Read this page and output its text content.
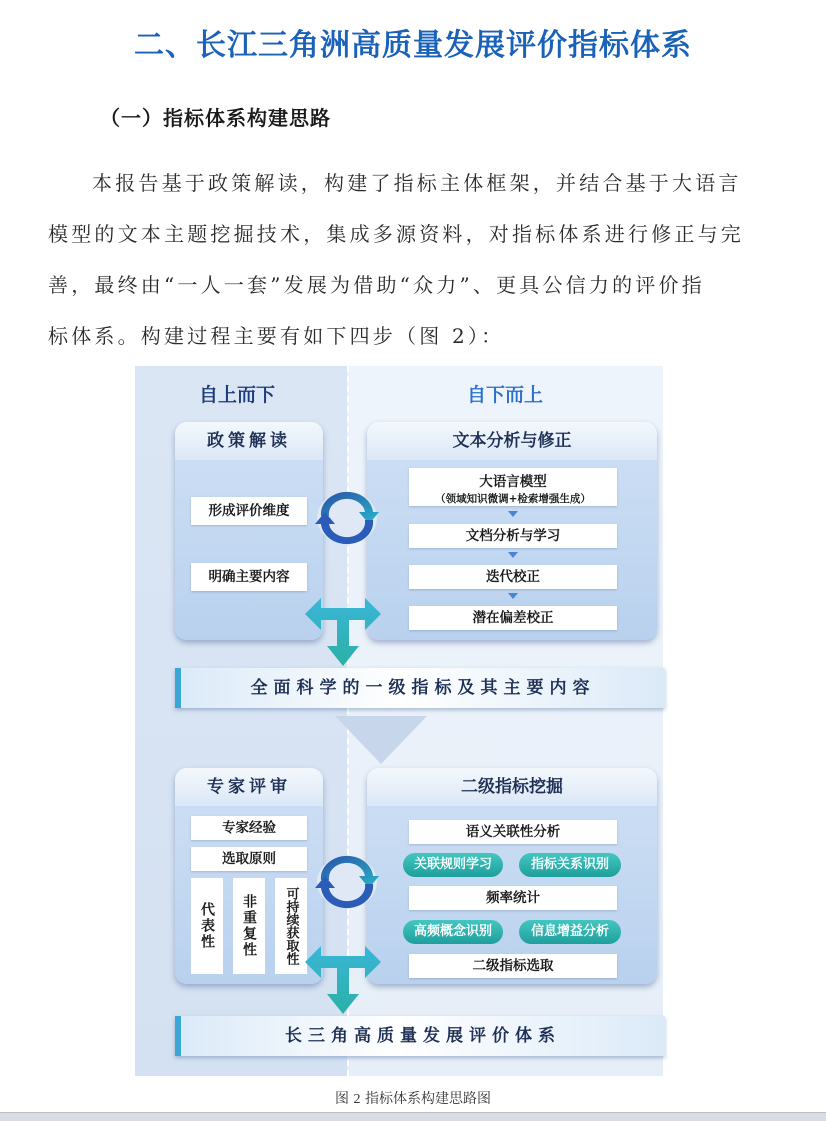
二、长江三角洲高质量发展评价指标体系
（一）指标体系构建思路
本报告基于政策解读，构建了指标主体框架，并结合基于大语言
模型的文本主题挖掘技术，集成多源资料，对指标体系进行修正与完
善，最终由“一人一套”发展为借助“众力”、更具公信力的评价指
标体系。构建过程主要有如下四步（图 2）：
自上而下	自下而上
政策解读
形成评价维度
明确主要内容
文本分析与修正
大语言模型
（领域知识微调+检索增强生成）
文档分析与学习
迭代校正
潜在偏差校正
全面科学的一级指标及其主要内容
专家评审
专家经验
选取原则
代表性	非重复性	可持续获取性
二级指标挖掘
语义关联性分析
关联规则学习	指标关系识别
频率统计
高频概念识别	信息增益分析
二级指标选取
长三角高质量发展评价体系
图 2 指标体系构建思路图
